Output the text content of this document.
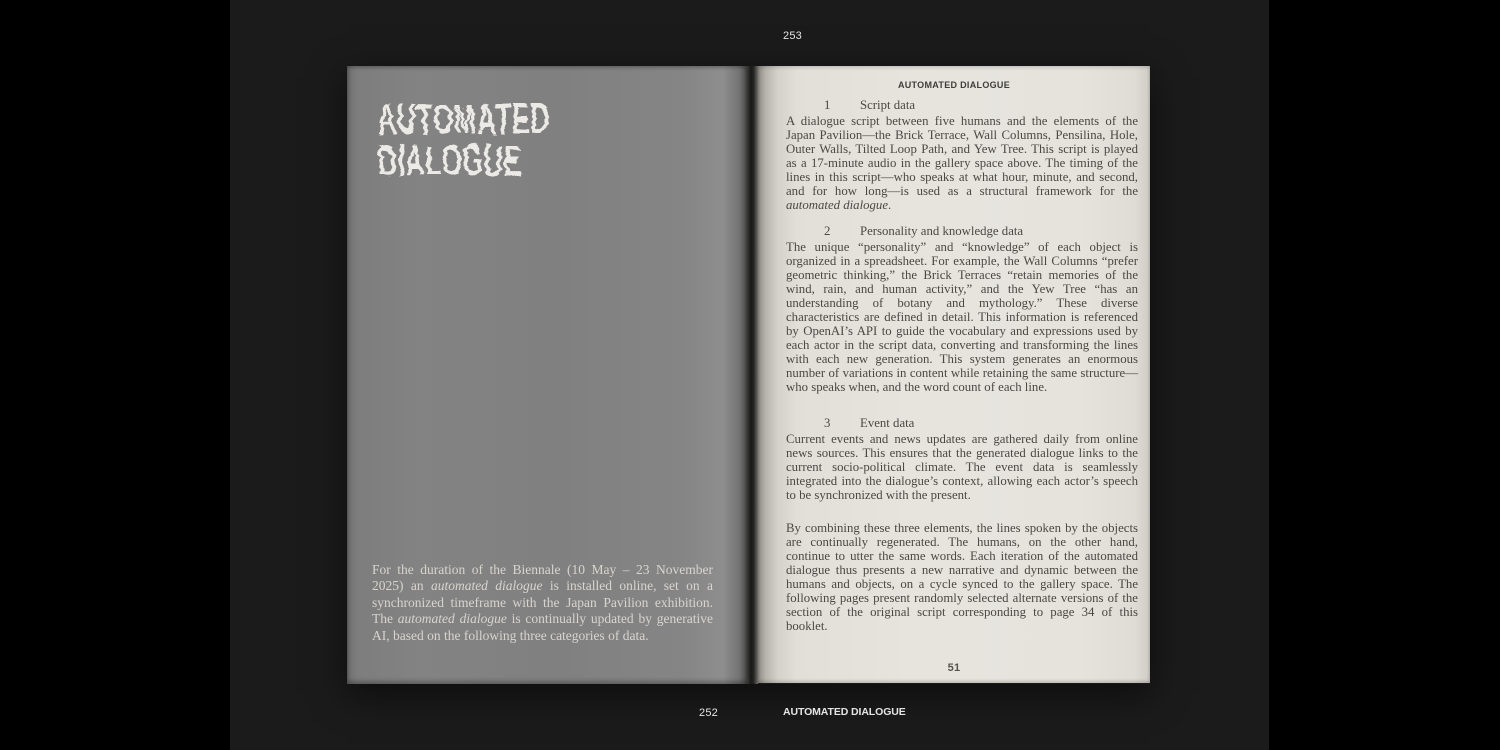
253
AUTOMATED
DIALOGUE

For the duration of the Biennale (10 May – 23 November 2025) an automated dialogue is installed online, set on a synchronized timeframe with the Japan Pavilion exhibition. The automated dialogue is continually updated by generative AI, based on the following three categories of data.

AUTOMATED DIALOGUE
1 Script data
A dialogue script between five humans and the elements of the Japan Pavilion—the Brick Terrace, Wall Columns, Pensilina, Hole, Outer Walls, Tilted Loop Path, and Yew Tree. This script is played as a 17-minute audio in the gallery space above. The timing of the lines in this script—who speaks at what hour, minute, and second, and for how long—is used as a structural framework for the automated dialogue.
2 Personality and knowledge data
The unique “personality” and “knowledge” of each object is organized in a spreadsheet. For example, the Wall Columns “prefer geometric thinking,” the Brick Terraces “retain memories of the wind, rain, and human activity,” and the Yew Tree “has an understanding of botany and mythology.” These diverse characteristics are defined in detail. This information is referenced by OpenAI’s API to guide the vocabulary and expressions used by each actor in the script data, converting and transforming the lines with each new generation. This system generates an enormous number of variations in content while retaining the same structure—who speaks when, and the word count of each line.
3 Event data
Current events and news updates are gathered daily from online news sources. This ensures that the generated dialogue links to the current socio-political climate. The event data is seamlessly integrated into the dialogue’s context, allowing each actor’s speech to be synchronized with the present.
By combining these three elements, the lines spoken by the objects are continually regenerated. The humans, on the other hand, continue to utter the same words. Each iteration of the automated dialogue thus presents a new narrative and dynamic between the humans and objects, on a cycle synced to the gallery space. The following pages present randomly selected alternate versions of the section of the original script corresponding to page 34 of this booklet.
51
252	AUTOMATED DIALOGUE
